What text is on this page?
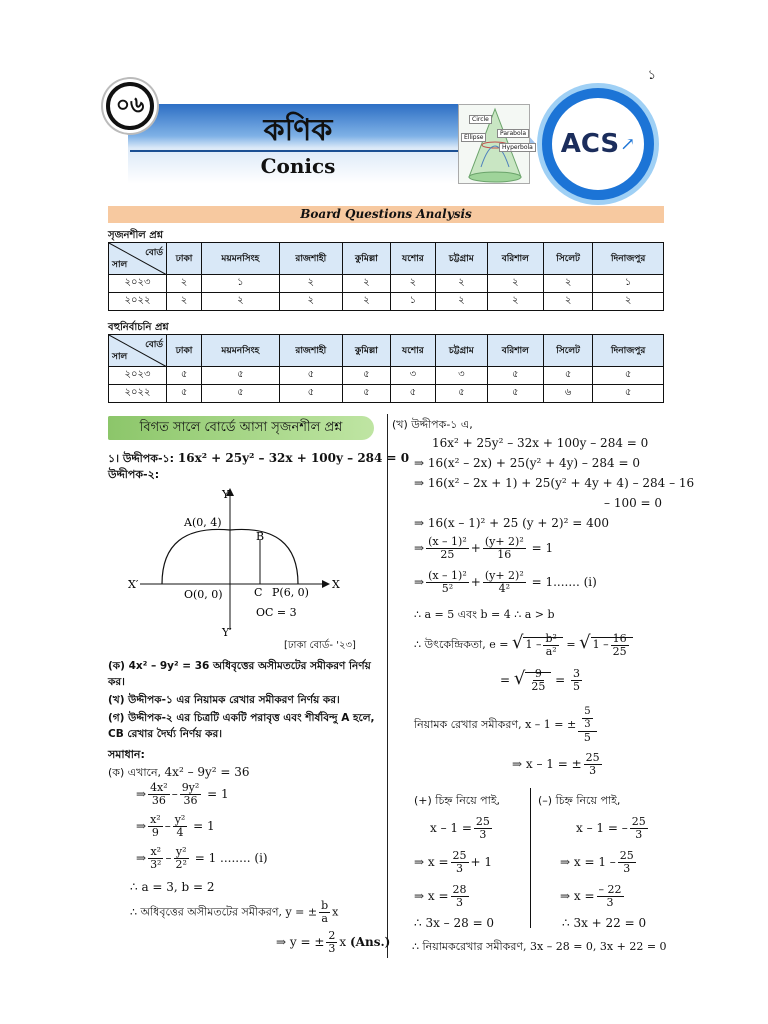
১
০৬
কণিক
Conics
Circle
Ellipse
Parabola
Hyperbola ACS ↗
Board Questions Analysis
সৃজনশীল প্রশ্ন
বোর্ড
সাল	ঢাকা	ময়মনসিংহ	রাজশাহী	কুমিল্লা	যশোর	চট্টগ্রাম	বরিশাল	সিলেট	দিনাজপুর
২০২৩	২	১	২	২	২	২	২	২	১
২০২২	২	২	২	২	১	২	২	২	২
বহুনির্বাচনি প্রশ্ন
বোর্ড
সাল	ঢাকা	ময়মনসিংহ	রাজশাহী	কুমিল্লা	যশোর	চট্টগ্রাম	বরিশাল	সিলেট	দিনাজপুর
২০২৩	৫	৫	৫	৫	৩	৩	৫	৫	৫
২০২২	৫	৫	৫	৫	৫	৫	৫	৬	৫
বিগত সালে বোর্ডে আসা সৃজনশীল প্রশ্ন
১। উদ্দীপক-১: 16x² + 25y² – 32x + 100y – 284 = 0
উদ্দীপক-২:
Y
Y′
X
X′
A(0, 4)
B
O(0, 0)	C P(6, 0)
OC = 3
[ঢাকা বোর্ড- '২৩]
(ক) 4x² – 9y² = 36 অধিবৃত্তের অসীমতটের সমীকরণ নির্ণয় কর।
(খ) উদ্দীপক-১ এর নিয়ামক রেখার সমীকরণ নির্ণয় কর।
(গ) উদ্দীপক-২ এর চিত্রটি একটি পরাবৃত্ত এবং শীর্ষবিন্দু A হলে, CB রেখার দৈর্ঘ্য নির্ণয় কর।
সমাধান:
(ক) এখানে, 4x² – 9y² = 36
⇒ $\frac{\text{4x²}}{36} - \frac{\text{9y²}}{36} = 1$
⇒ $\frac{\text{x²}}{9} - \frac{\text{y²}}{4} = 1$
⇒ $\frac{\text{x²}}{\text{3²}} - \frac{\text{y²}}{\text{2²}} = 1$ ........ (i)
∴ a = 3, b = 2
∴ অধিবৃত্তের অসীমতটের সমীকরণ, y = ± $\frac{b}{a}$ x
⇒ y = ± $\frac{2}{3}$ x (Ans.)
(খ) উদ্দীপক-১ এ,
16x² + 25y² – 32x + 100y – 284 = 0
⇒ 16(x² – 2x) + 25(y² + 4y) – 284 = 0
⇒ 16(x² – 2x + 1) + 25(y² + 4y + 4) – 284 – 16
– 100 = 0
⇒ 16(x – 1)² + 25 (y + 2)² = 400
⇒ $\frac{\text{(x – 1)²}}{25} + \frac{\text{(y+ 2)²}}{16} = 1$
⇒ $\frac{\text{(x – 1)²}}{\text{5²}} + \frac{\text{(y+ 2)²}}{\text{4²}} = 1$....... (i)
∴ a = 5 এবং b = 4 ∴ a > b
∴ উৎকেন্দ্রিকতা, e = √ $1 - \frac{\text{b²}}{\text{a²}}$ = √ $1 - \frac{16}{25}$
= √ $\frac{9}{25} = \frac{3}{5}$
নিয়ামক রেখার সমীকরণ, x – 1 = ± $\frac{\frac{5}{3}}{5}$
⇒ x – 1 = ± $\frac{25}{3}$
(+) চিহ্ন নিয়ে পাই,	(–) চিহ্ন নিয়ে পাই,
$x - 1 = \frac{25}{3}$
⇒ $x = \frac{25}{3} + 1$
⇒ $x = \frac{28}{3}$
∴ 3x – 28 = 0
x – 1 = – $\frac{25}{3}$
⇒ $x = 1 - \frac{25}{3}$
⇒ $x = \frac{- 22}{3}$
∴ 3x + 22 = 0
∴ নিয়ামকরেখার সমীকরণ, 3x – 28 = 0, 3x + 22 = 0
